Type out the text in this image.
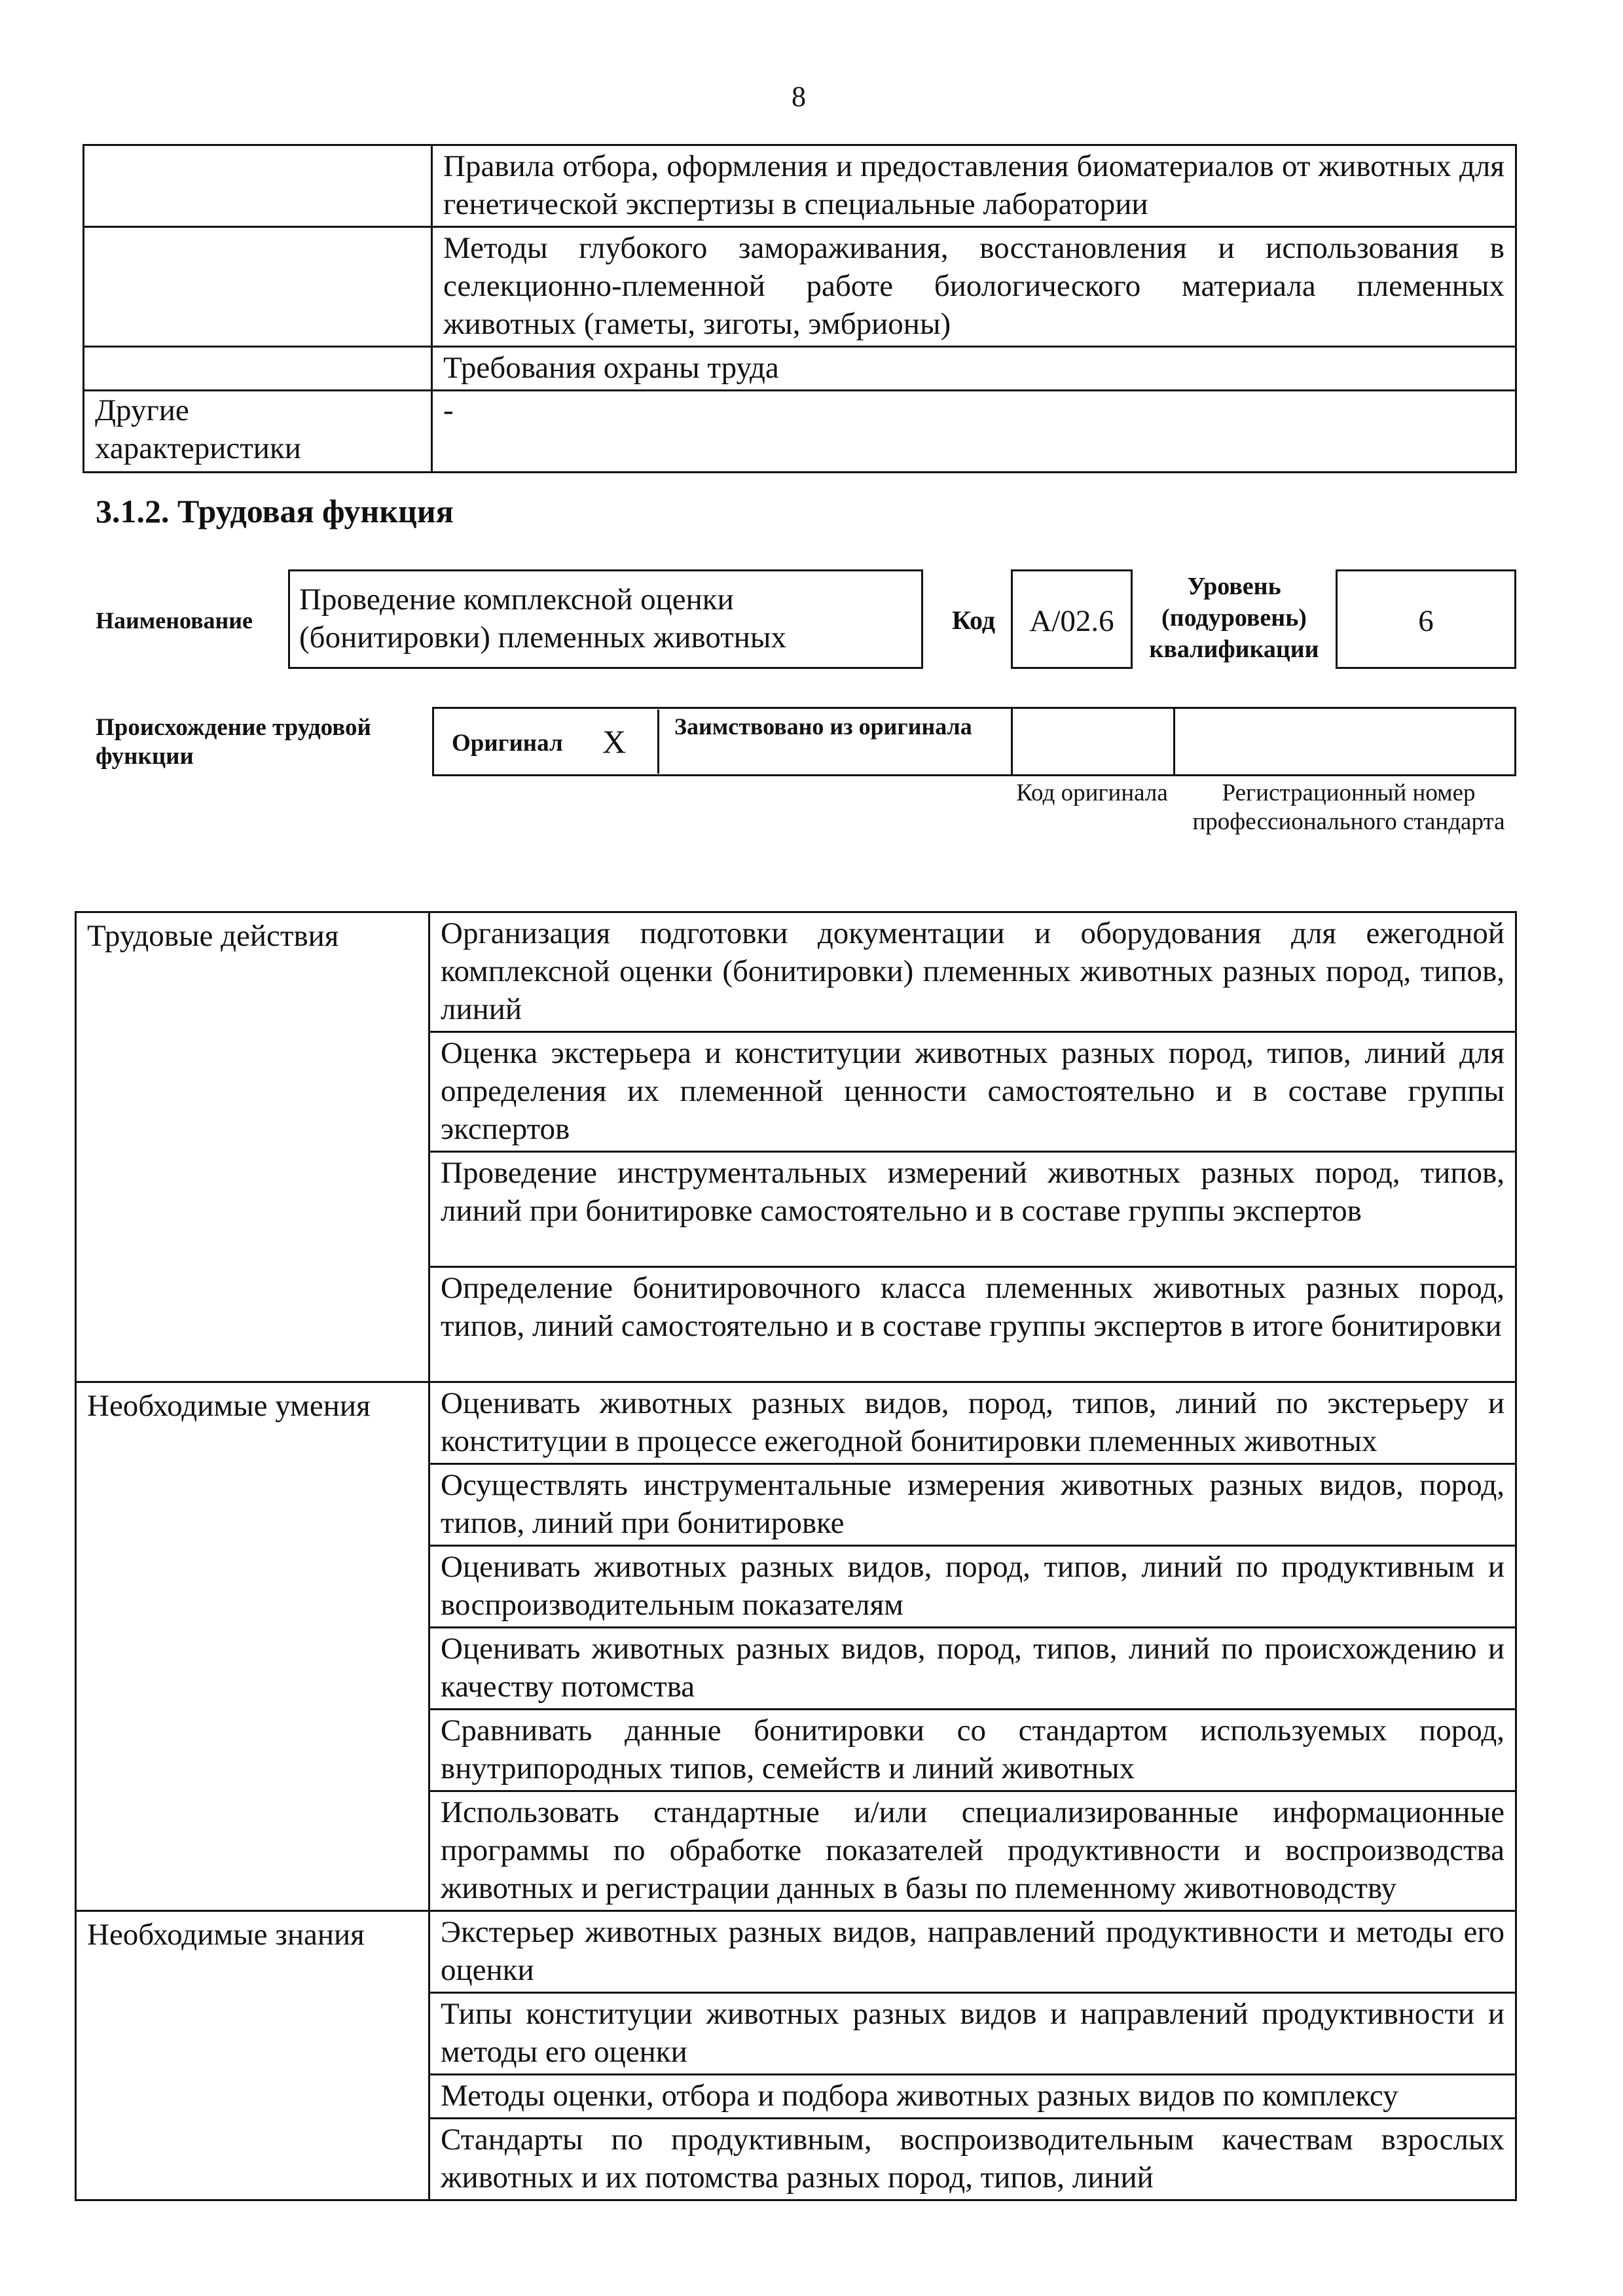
8

	Правила отбора, оформления и предоставления биоматериалов от животных для генетической экспертизы в специальные лаборатории

	Методы глубокого замораживания, восстановления и использования в селекционно-племенной работе биологического материала племенных животных (гаметы, зиготы, эмбрионы)

	Требования охраны труда

Другие характеристики	-
3.1.2. Трудовая функция
Наименование
Проведение комплексной оценки (бонитировки) племенных животных
Код	А/02.6
Уровень (подуровень) квалификации
6
Происхождение трудовой функции	Оригинал X Заимствовано из оригинала
Код оригинала	Регистрационный номер профессионального стандарта
Трудовые действия	Организация подготовки документации и оборудования для ежегодной комплексной оценки (бонитировки) племенных животных разных пород, типов, линий

	Оценка экстерьера и конституции животных разных пород, типов, линий для определения их племенной ценности самостоятельно и в составе группы экспертов

	Проведение инструментальных измерений животных разных пород, типов, линий при бонитировке самостоятельно и в составе группы экспертов

	Определение бонитировочного класса племенных животных разных пород, типов, линий самостоятельно и в составе группы экспертов в итоге бонитировки

Необходимые умения	Оценивать животных разных видов, пород, типов, линий по экстерьеру и конституции в процессе ежегодной бонитировки племенных животных

	Осуществлять инструментальные измерения животных разных видов, пород, типов, линий при бонитировке

	Оценивать животных разных видов, пород, типов, линий по продуктивным и воспроизводительным показателям

	Оценивать животных разных видов, пород, типов, линий по происхождению и качеству потомства

	Сравнивать данные бонитировки со стандартом используемых пород, внутрипородных типов, семейств и линий животных

	Использовать стандартные и/или специализированные информационные программы по обработке показателей продуктивности и воспроизводства животных и регистрации данных в базы по племенному животноводству

Необходимые знания	Экстерьер животных разных видов, направлений продуктивности и методы его оценки

	Типы конституции животных разных видов и направлений продуктивности и методы его оценки

	Методы оценки, отбора и подбора животных разных видов по комплексу

	Стандарты по продуктивным, воспроизводительным качествам взрослых животных и их потомства разных пород, типов, линий
